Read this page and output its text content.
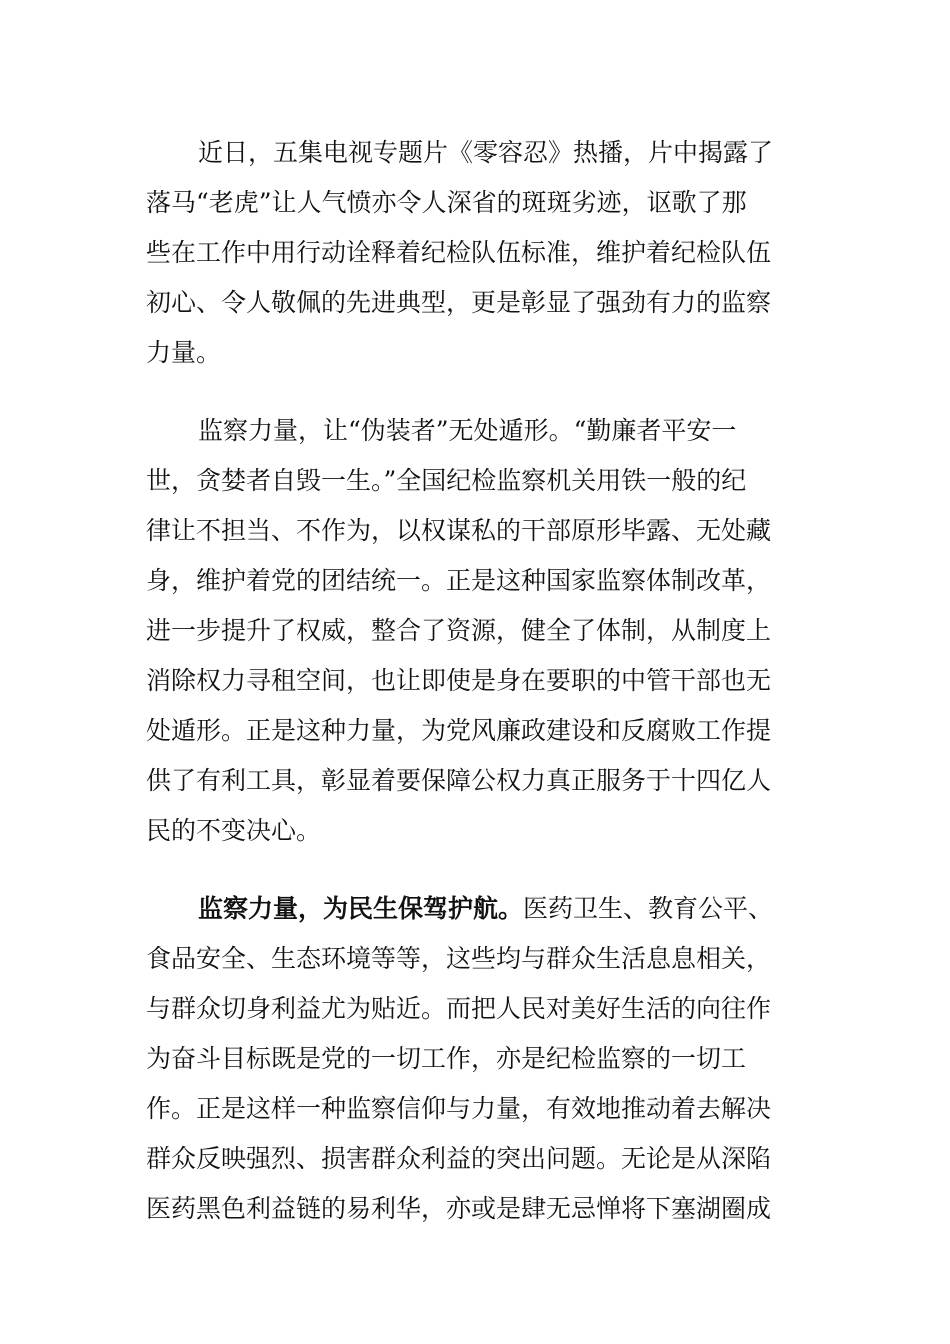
近日，五集电视专题片《零容忍》热播，片中揭露了
落马“老虎”让人气愤亦令人深省的斑斑劣迹，讴歌了那
些在工作中用行动诠释着纪检队伍标准，维护着纪检队伍
初心、令人敬佩的先进典型，更是彰显了强劲有力的监察
力量。
监察力量，让“伪装者”无处遁形。“勤廉者平安一
世，贪婪者自毁一生。”全国纪检监察机关用铁一般的纪
律让不担当、不作为，以权谋私的干部原形毕露、无处藏
身，维护着党的团结统一。正是这种国家监察体制改革，
进一步提升了权威，整合了资源，健全了体制，从制度上
消除权力寻租空间，也让即使是身在要职的中管干部也无
处遁形。正是这种力量，为党风廉政建设和反腐败工作提
供了有利工具，彰显着要保障公权力真正服务于十四亿人
民的不变决心。
监察力量，为民生保驾护航。医药卫生、教育公平、
食品安全、生态环境等等，这些均与群众生活息息相关，
与群众切身利益尤为贴近。而把人民对美好生活的向往作
为奋斗目标既是党的一切工作，亦是纪检监察的一切工
作。正是这样一种监察信仰与力量，有效地推动着去解决
群众反映强烈、损害群众利益的突出问题。无论是从深陷
医药黑色利益链的易利华，亦或是肆无忌惮将下塞湖圈成
